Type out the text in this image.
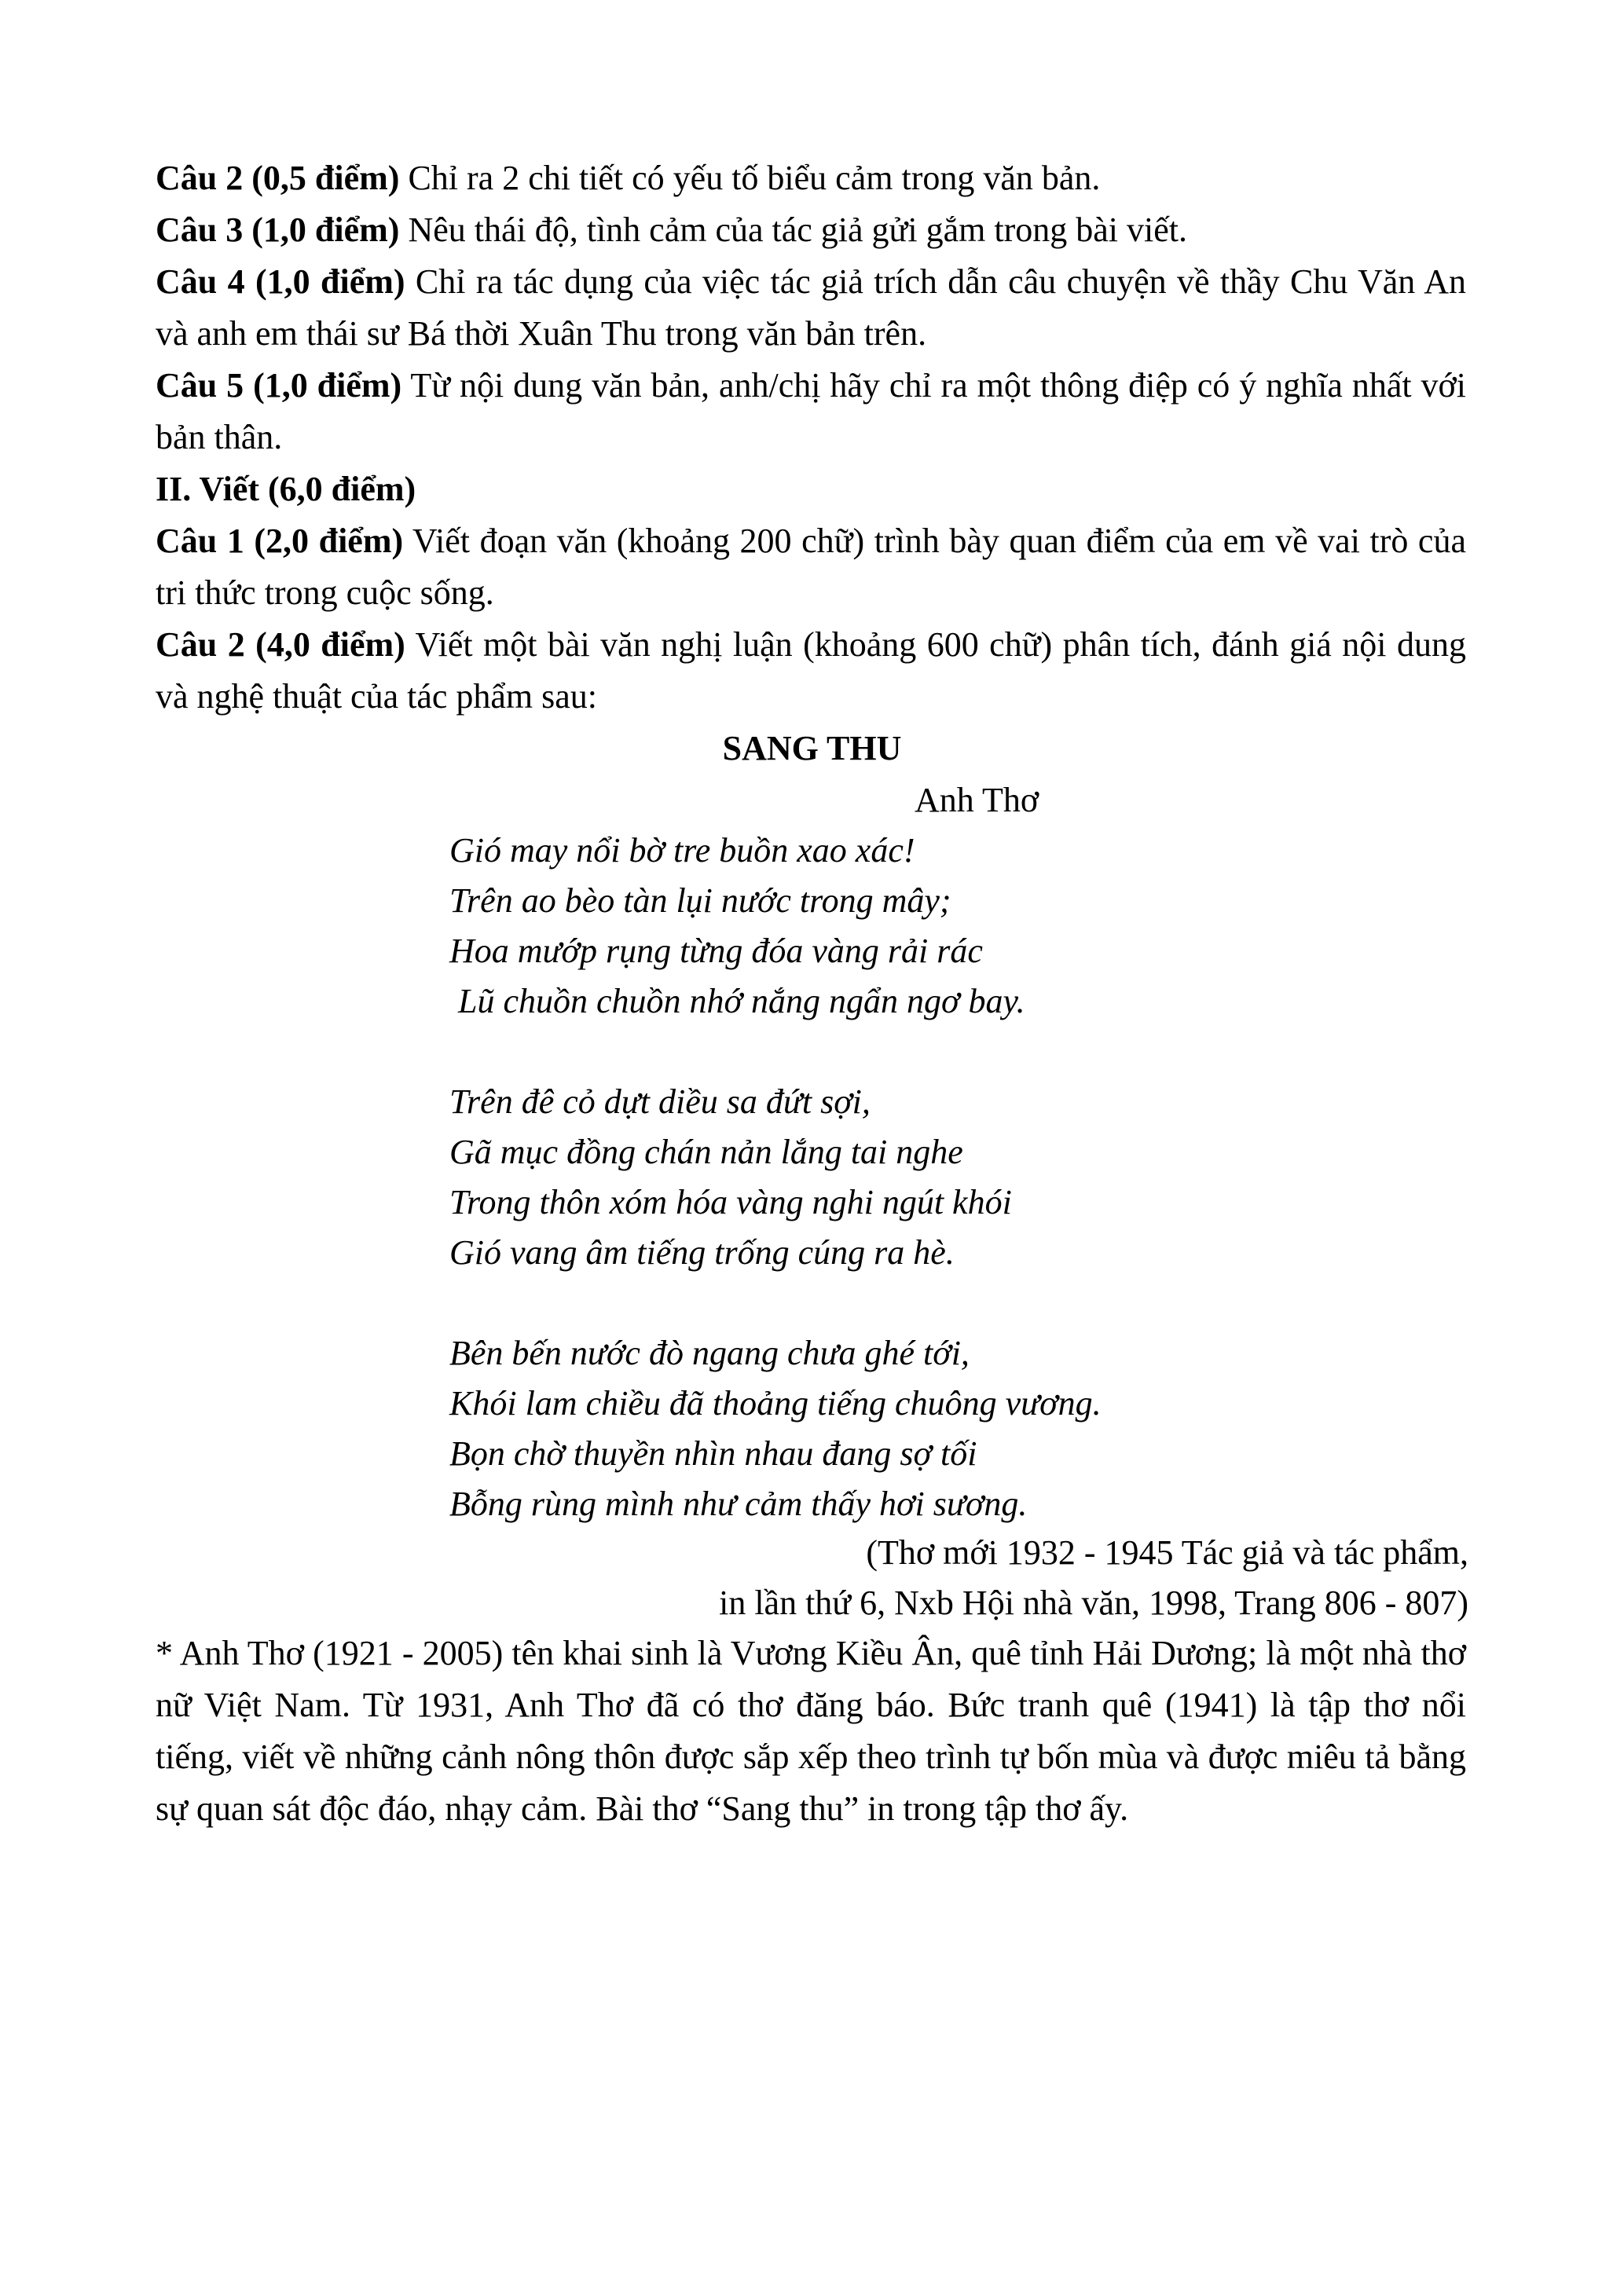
Câu 2 (0,5 điểm) Chỉ ra 2 chi tiết có yếu tố biểu cảm trong văn bản.
Câu 3 (1,0 điểm) Nêu thái độ, tình cảm của tác giả gửi gắm trong bài viết.
Câu 4 (1,0 điểm) Chỉ ra tác dụng của việc tác giả trích dẫn câu chuyện về thầy Chu Văn An và anh em thái sư Bá thời Xuân Thu trong văn bản trên.
Câu 5 (1,0 điểm) Từ nội dung văn bản, anh/chị hãy chỉ ra một thông điệp có ý nghĩa nhất với bản thân.
II. Viết (6,0 điểm)
Câu 1 (2,0 điểm) Viết đoạn văn (khoảng 200 chữ) trình bày quan điểm của em về vai trò của tri thức trong cuộc sống.
Câu 2 (4,0 điểm) Viết một bài văn nghị luận (khoảng 600 chữ) phân tích, đánh giá nội dung và nghệ thuật của tác phẩm sau:
SANG THU
Anh Thơ
Gió may nổi bờ tre buồn xao xác!
Trên ao bèo tàn lụi nước trong mây;
Hoa mướp rụng từng đóa vàng rải rác
Lũ chuồn chuồn nhớ nắng ngẩn ngơ bay.
Trên đê cỏ dựt diều sa đứt sợi,
Gã mục đồng chán nản lắng tai nghe
Trong thôn xóm hóa vàng nghi ngút khói
Gió vang âm tiếng trống cúng ra hè.
Bên bến nước đò ngang chưa ghé tới,
Khói lam chiều đã thoảng tiếng chuông vương.
Bọn chờ thuyền nhìn nhau đang sợ tối
Bỗng rùng mình như cảm thấy hơi sương.
(Thơ mới 1932 - 1945 Tác giả và tác phẩm,
in lần thứ 6, Nxb Hội nhà văn, 1998, Trang 806 - 807)
* Anh Thơ (1921 - 2005) tên khai sinh là Vương Kiều Ân, quê tỉnh Hải Dương; là một nhà thơ nữ Việt Nam. Từ 1931, Anh Thơ đã có thơ đăng báo. Bức tranh quê (1941) là tập thơ nổi tiếng, viết về những cảnh nông thôn được sắp xếp theo trình tự bốn mùa và được miêu tả bằng sự quan sát độc đáo, nhạy cảm. Bài thơ “Sang thu” in trong tập thơ ấy.
